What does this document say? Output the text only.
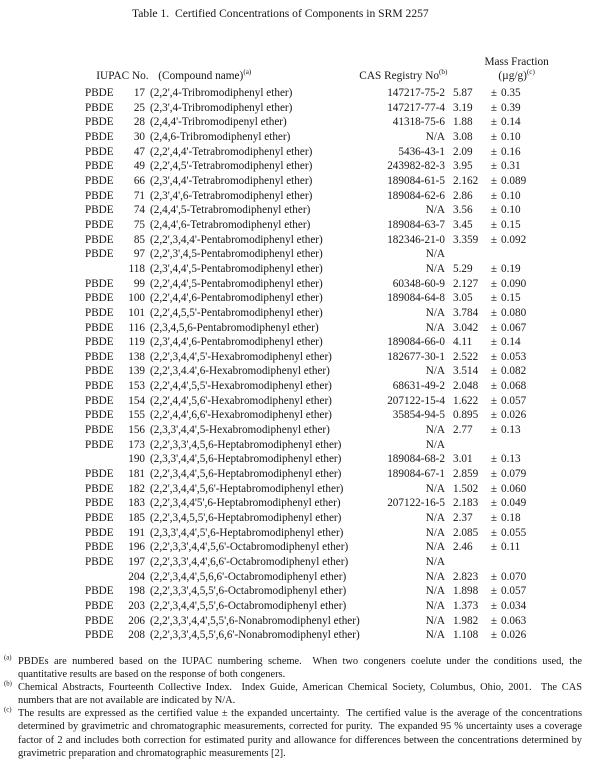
Table 1.  Certified Concentrations of Components in SRM 2257

IUPAC No.
(Compound name)$^{(a)}$
	CAS Registry No$^{(b)}$

Mass Fraction

$(\mu g/g)^{(c)}$

PBDE	17 (2,2',4-Tribromodiphenyl ether)	147217-75-2 5.87	± 0.35
PBDE	25 (2,3',4-Tribromodiphenyl ether)	147217-77-4 3.19	± 0.39
PBDE	28 (2,4,4'-Tribromodipenyl ether)	41318-75-6 1.88	± 0.14
PBDE	30 (2,4,6-Tribromodiphenyl ether)	N/A 3.08	± 0.10
PBDE	47 (2,2',4,4'-Tetrabromodiphenyl ether)	5436-43-1 2.09	± 0.16
PBDE	49 (2,2',4,5'-Tetrabromodiphenyl ether)	243982-82-3 3.95	± 0.31
PBDE	66 (2,3',4,4'-Tetrabromodiphenyl ether)	189084-61-5 2.162	± 0.089
PBDE	71 (2,3',4',6-Tetrabromodiphenyl ether)	189084-62-6 2.86	± 0.10
PBDE	74 (2,4,4',5-Tetrabromodiphenyl ether)	N/A 3.56	± 0.10
PBDE	75 (2,4,4',6-Tetrabromodiphenyl ether)	189084-63-7 3.45	± 0.15
PBDE	85 (2,2',3,4,4'-Pentabromodiphenyl ether)	182346-21-0 3.359	± 0.092
PBDE	97 (2,2',3',4,5-Pentabromodiphenyl ether)	N/A
118 (2,3',4,4',5-Pentabromodiphenyl ether)	N/A 5.29	± 0.19
PBDE	99 (2,2',4,4',5-Pentabromodiphenyl ether)	60348-60-9 2.127	± 0.090
PBDE	100 (2,2',4,4',6-Pentabromodiphenyl ether)	189084-64-8 3.05	± 0.15
PBDE	101 (2,2',4,5,5'-Pentabromodiphenyl ether)	N/A 3.784	± 0.080
PBDE	116 (2,3,4,5,6-Pentabromodiphenyl ether)	N/A 3.042	± 0.067
PBDE	119 (2,3',4,4',6-Pentabromodiphenyl ether)	189084-66-0 4.11	± 0.14
PBDE	138 (2,2',3,4,4',5'-Hexabromodiphenyl ether)	182677-30-1 2.522	± 0.053
PBDE	139 (2,2',3,4.4',6-Hexabromodiphenyl ether)	N/A 3.514	± 0.082
PBDE	153 (2,2',4,4',5,5'-Hexabromodiphenyl ether)	68631-49-2 2.048	± 0.068
PBDE	154 (2,2',4,4',5,6'-Hexabromodiphenyl ether)	207122-15-4 1.622	± 0.057
PBDE	155 (2,2',4,4',6,6'-Hexabromodiphenyl ether)	35854-94-5 0.895	± 0.026
PBDE	156 (2,3,3',4,4',5-Hexabromodiphenyl ether)	N/A 2.77	± 0.13
PBDE	173 (2,2',3,3',4,5,6-Heptabromodiphenyl ether)	N/A
190 (2,3,3',4,4',5,6-Heptabromodiphenyl ether)	189084-68-2 3.01	± 0.13
PBDE	181 (2,2',3,4,4',5,6-Heptabromodiphenyl ether)	189084-67-1 2.859	± 0.079
PBDE	182 (2,2',3,4,4',5,6'-Heptabromodiphenyl ether)	N/A 1.502	± 0.060
PBDE	183 (2,2',3,4,4'5',6-Heptabromodiphenyl ether)	207122-16-5 2.183	± 0.049
PBDE	185 (2,2',3,4,5,5',6-Heptabromodiphenyl ether)	N/A 2.37	± 0.18
PBDE	191 (2,3,3',4,4',5',6-Heptabromodiphenyl ether)	N/A 2.085	± 0.055
PBDE	196 (2,2',3,3',4,4',5,6'-Octabromodiphenyl ether)	N/A 2.46	± 0.11
PBDE	197 (2,2',3,3',4,4',6,6'-Octabromodiphenyl ether)	N/A
204 (2,2',3,4,4',5,6,6'-Octabromodiphenyl ether)	N/A 2.823	± 0.070
PBDE	198 (2,2',3,3',4,5,5',6-Octabromodiphenyl ether)	N/A 1.898	± 0.057
PBDE	203 (2,2',3,4,4',5,5',6-Octabromodiphenyl ether)	N/A 1.373	± 0.034
PBDE	206 (2,2',3,3',4,4',5,5',6-Nonabromodiphenyl ether)	N/A 1.982	± 0.063
PBDE	208 (2,2',3,3',4,5,5',6,6'-Nonabromodiphenyl ether)	N/A 1.108	± 0.026
$^{(a)}$ PBDEs are numbered based on the IUPAC numbering scheme.  When two congeners coelute under the conditions used, the quantitative results are based on the response of both congeners.
$^{(b)}$ Chemical Abstracts, Fourteenth Collective Index.  Index Guide, American Chemical Society, Columbus, Ohio, 2001.  The CAS numbers that are not available are indicated by N/A.
$^{(c)}$ The results are expressed as the certified value ± the expanded uncertainty.  The certified value is the average of the concentrations determined by gravimetric and chromatographic measurements, corrected for purity.  The expanded 95 % uncertainty uses a coverage factor of 2 and includes both correction for estimated purity and allowance for differences between the concentrations determined by gravimetric preparation and chromatographic measurements [2].
